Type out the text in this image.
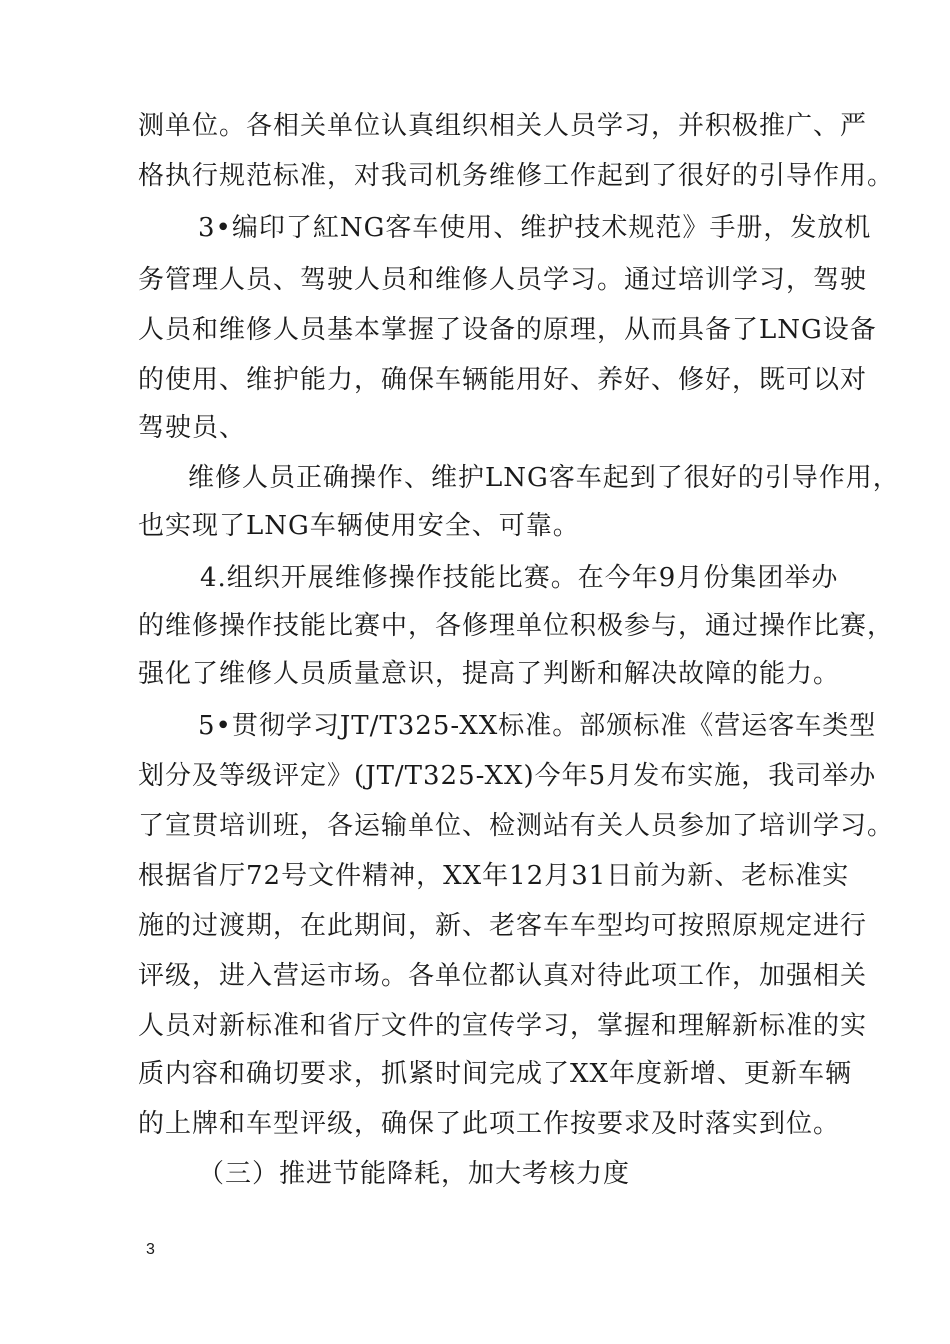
测单位。各相关单位认真组织相关人员学习，并积极推广、严
格执行规范标准，对我司机务维修工作起到了很好的引导作用。
3•编印了紅NG客车使用、维护技术规范》手册，发放机
务管理人员、驾驶人员和维修人员学习。通过培训学习，驾驶
人员和维修人员基本掌握了设备的原理，从而具备了LNG设备
的使用、维护能力，确保车辆能用好、养好、修好，既可以对
驾驶员、
维修人员正确操作、维护LNG客车起到了很好的引导作用，
也实现了LNG车辆使用安全、可靠。
4.组织开展维修操作技能比赛。在今年9月份集团举办
的维修操作技能比赛中，各修理单位积极参与，通过操作比赛，
强化了维修人员质量意识，提高了判断和解决故障的能力。
5•贯彻学习JT/T325-XX标准。部颁标准《营运客车类型
划分及等级评定》(JT/T325-XX)今年5月发布实施，我司举办
了宣贯培训班，各运输单位、检测站有关人员参加了培训学习。
根据省厅72号文件精神，XX年12月31日前为新、老标准实
施的过渡期，在此期间，新、老客车车型均可按照原规定进行
评级，进入营运市场。各单位都认真对待此项工作，加强相关
人员对新标准和省厅文件的宣传学习，掌握和理解新标准的实
质内容和确切要求，抓紧时间完成了XX年度新增、更新车辆
的上牌和车型评级，确保了此项工作按要求及时落实到位。
（三）推进节能降耗，加大考核力度
3
